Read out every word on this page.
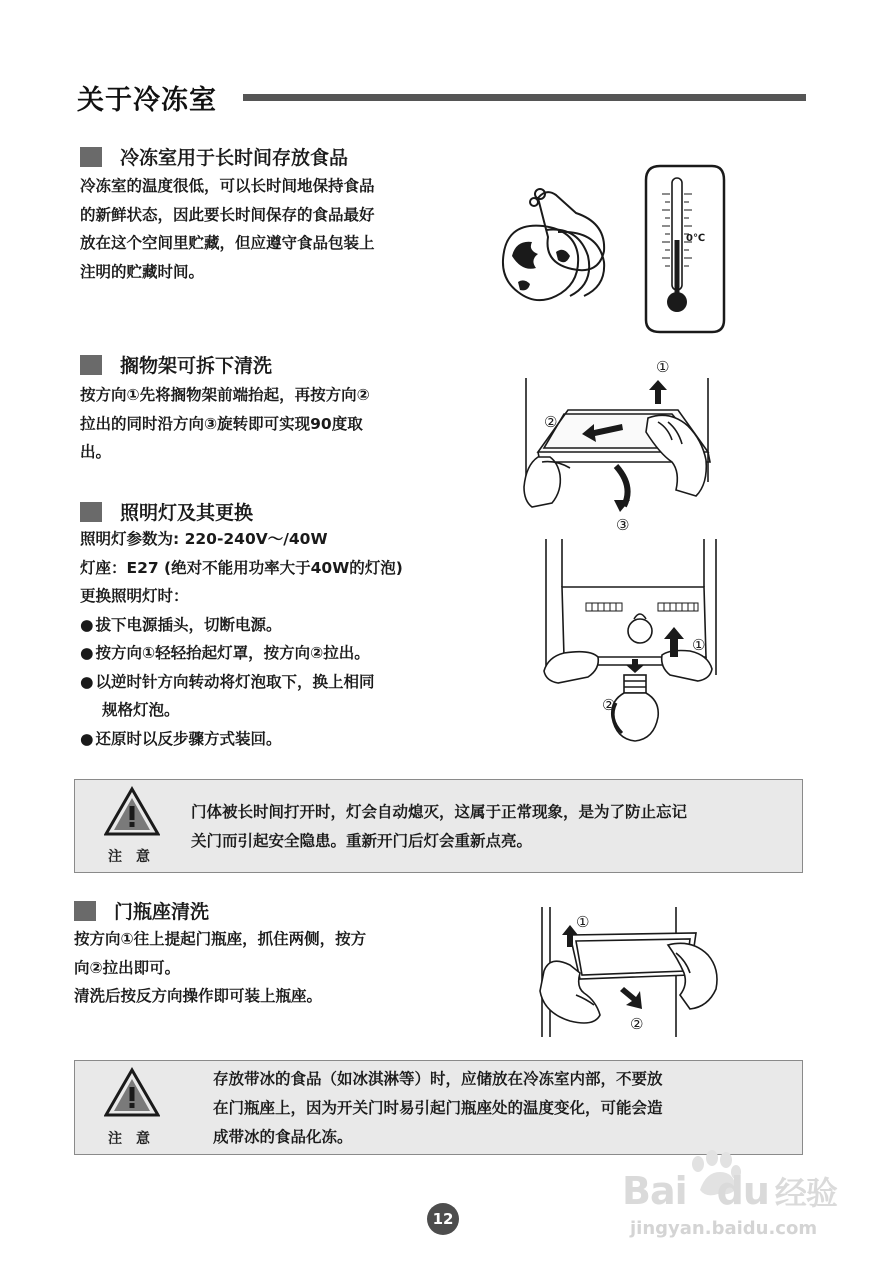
关于冷冻室
冷冻室用于长时间存放食品
冷冻室的温度很低，可以长时间地保持食品
的新鲜状态，因此要长时间保存的食品最好
放在这个空间里贮藏，但应遵守食品包装上
注明的贮藏时间。
0℃
搁物架可拆下清洗
按方向①先将搁物架前端抬起，再按方向②
拉出的同时沿方向③旋转即可实现90度取
出。
①
②
③
照明灯及其更换
照明灯参数为: 220-240V～/40W
灯座：E27 (绝对不能用功率大于40W的灯泡)
更换照明灯时：
● 拔下电源插头，切断电源。
● 按方向①轻轻抬起灯罩，按方向②拉出。
● 以逆时针方向转动将灯泡取下，换上相同
规格灯泡。
● 还原时以反步骤方式装回。
①
②
注意
门体被长时间打开时，灯会自动熄灭，这属于正常现象，是为了防止忘记
关门而引起安全隐患。重新开门后灯会重新点亮。
门瓶座清洗
按方向①往上提起门瓶座，抓住两侧，按方
向②拉出即可。
清洗后按反方向操作即可装上瓶座。
①
②
注意
存放带冰的食品（如冰淇淋等）时，应储放在冷冻室内部，不要放
在门瓶座上，因为开关门时易引起门瓶座处的温度变化，可能会造
成带冰的食品化冻。
12
Bai du 经验
jingyan.baidu.com
